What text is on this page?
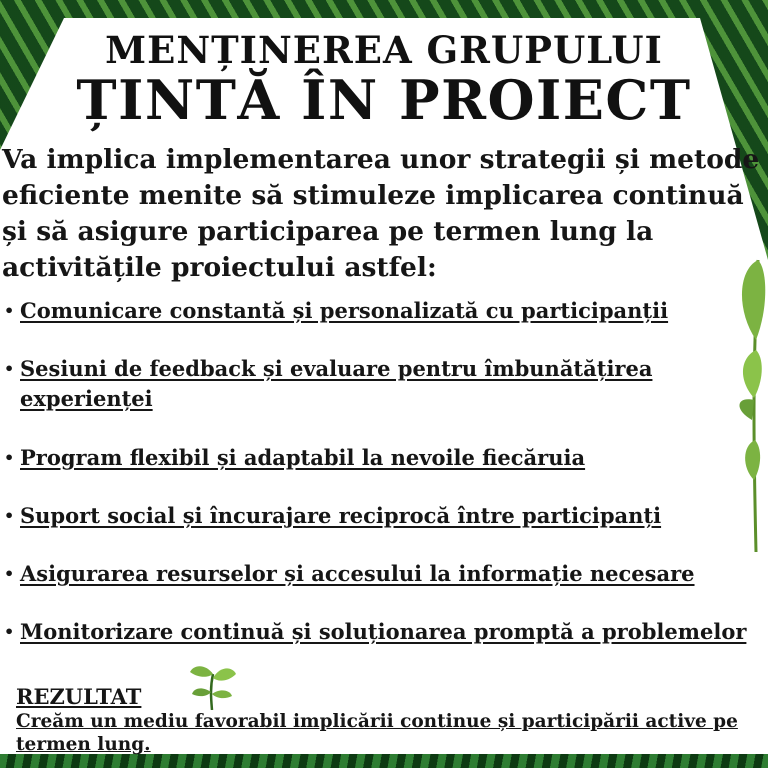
MENȚINEREA GRUPULUI
ȚINTĂ ÎN PROIECT

Va implica implementarea unor strategii și metode eficiente menite să stimuleze implicarea continuă și să asigure participarea pe termen lung la activitățile proiectului astfel:

• Comunicare constantă și personalizată cu participanții
• Sesiuni de feedback și evaluare pentru îmbunătățirea experienței
• Program flexibil și adaptabil la nevoile fiecăruia
• Suport social și încurajare reciprocă între participanți
• Asigurarea resurselor și accesului la informație necesare
• Monitorizare continuă și soluționarea promptă a problemelor
REZULTAT
Creăm un mediu favorabil implicării continue și participării active pe termen lung.
